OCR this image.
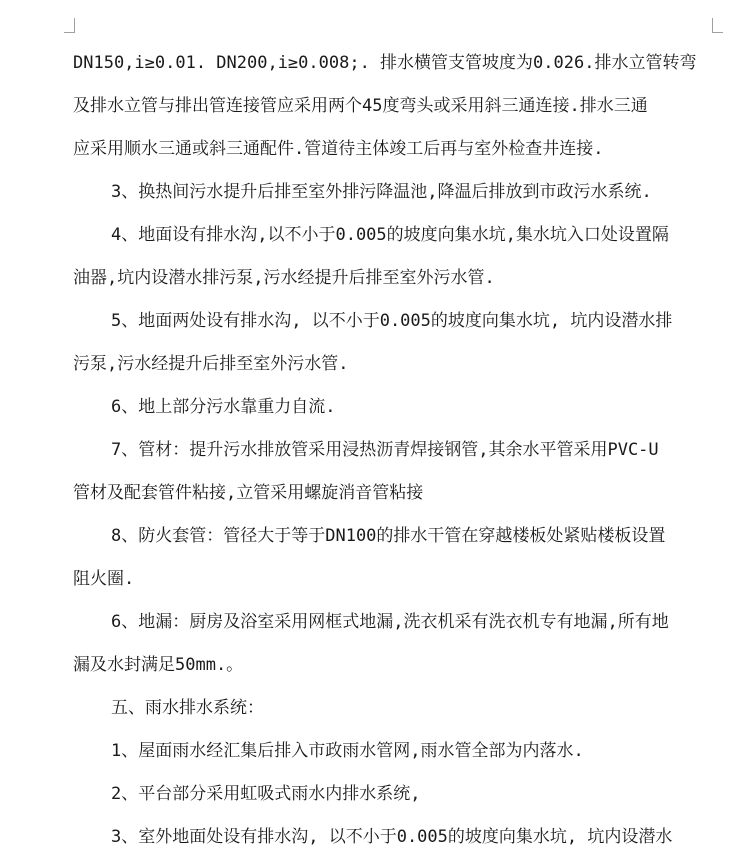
DN150,i≥0.01. DN200,i≥0.008;. 排水横管支管坡度为0.026.排水立管转弯
及排水立管与排出管连接管应采用两个45度弯头或采用斜三通连接.排水三通
应采用顺水三通或斜三通配件.管道待主体竣工后再与室外检查井连接.
3、换热间污水提升后排至室外排污降温池,降温后排放到市政污水系统.
4、地面设有排水沟,以不小于0.005的坡度向集水坑,集水坑入口处设置隔
油器,坑内设潜水排污泵,污水经提升后排至室外污水管.
5、地面两处设有排水沟, 以不小于0.005的坡度向集水坑, 坑内设潜水排
污泵,污水经提升后排至室外污水管.
6、地上部分污水靠重力自流.
7、管材：提升污水排放管采用浸热沥青焊接钢管,其余水平管采用PVC-U
管材及配套管件粘接,立管采用螺旋消音管粘接
8、防火套管：管径大于等于DN100的排水干管在穿越楼板处紧贴楼板设置
阻火圈.
6、地漏：厨房及浴室采用网框式地漏,洗衣机采有洗衣机专有地漏,所有地
漏及水封满足50mm.。
五、雨水排水系统：
1、屋面雨水经汇集后排入市政雨水管网,雨水管全部为内落水.
2、平台部分采用虹吸式雨水内排水系统,
3、室外地面处设有排水沟, 以不小于0.005的坡度向集水坑, 坑内设潜水
